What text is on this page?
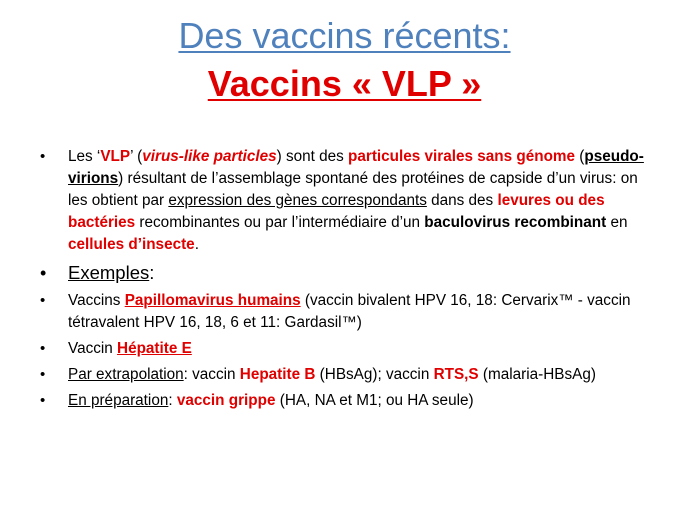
Des vaccins récents:
Vaccins « VLP »
• Les ‘VLP’ (virus-like particles) sont des particules virales sans génome (pseudo-virions) résultant de l’assemblage spontané des protéines de capside d’un virus: on les obtient par expression des gènes correspondants dans des levures ou des bactéries recombinantes ou par l’intermédiaire d’un baculovirus recombinant en cellules d’insecte.
• Exemples:
• Vaccins Papillomavirus humains (vaccin bivalent HPV 16, 18: Cervarix™ - vaccin tétravalent HPV 16, 18, 6 et 11: Gardasil™)
• Vaccin Hépatite E
• Par extrapolation: vaccin Hepatite B (HBsAg); vaccin RTS,S (malaria-HBsAg)
• En préparation: vaccin grippe (HA, NA et M1; ou HA seule)
